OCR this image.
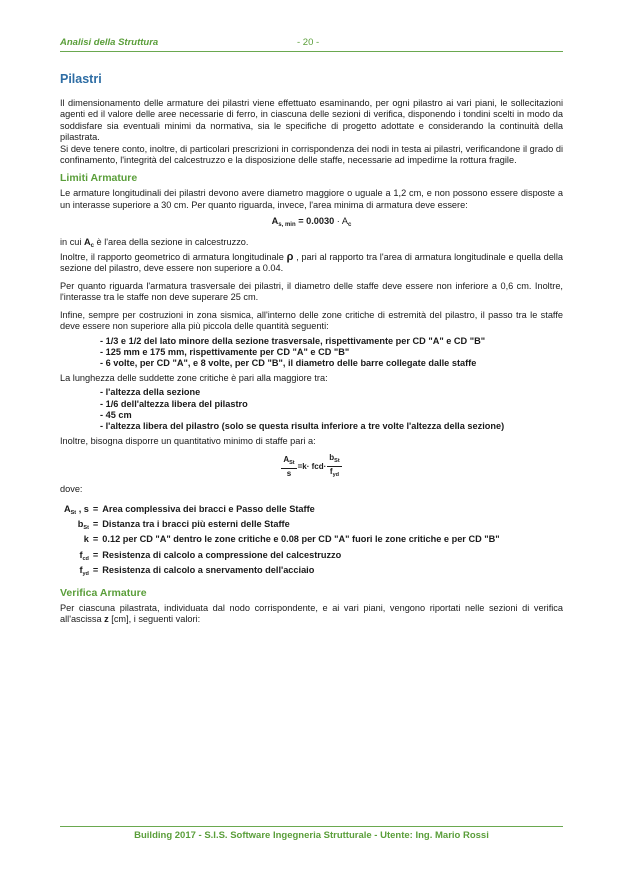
Analisi della Struttura	- 20 -
Pilastri

Il dimensionamento delle armature dei pilastri viene effettuato esaminando, per ogni pilastro ai vari piani, le sollecitazioni agenti ed il valore delle aree necessarie di ferro, in ciascuna delle sezioni di verifica, disponendo i tondini scelti in modo da soddisfare sia eventuali minimi da normativa, sia le specifiche di progetto adottate e considerando la continuità della pilastrata.

Si deve tenere conto, inoltre, di particolari prescrizioni in corrispondenza dei nodi in testa ai pilastri, verificandone il grado di confinamento, l'integrità del calcestruzzo e la disposizione delle staffe, necessarie ad impedirne la rottura fragile.

Limiti Armature

Le armature longitudinali dei pilastri devono avere diametro maggiore o uguale a 1,2 cm, e non possono essere disposte a un interasse superiore a 30 cm. Per quanto riguarda, invece, l'area minima di armatura deve essere:

$A_{s, min} = 0.0030 \cdot A_c$

in cui $A_c$ è l'area della sezione in calcestruzzo.

Inoltre, il rapporto geometrico di armatura longitudinale ρ , pari al rapporto tra l'area di armatura longitudinale e quella della sezione del pilastro, deve essere non superiore a 0.04.

Per quanto riguarda l'armatura trasversale dei pilastri, il diametro delle staffe deve essere non inferiore a 0,6 cm. Inoltre, l'interasse tra le staffe non deve superare 25 cm.

Infine, sempre per costruzioni in zona sismica, all'interno delle zone critiche di estremità del pilastro, il passo tra le staffe deve essere non superiore alla più piccola delle quantità seguenti:

- 1/3 e 1/2 del lato minore della sezione trasversale, rispettivamente per CD "A" e CD "B"
- 125 mm e 175 mm, rispettivamente per CD "A" e CD "B"
- 6 volte, per CD "A", e 8 volte, per CD "B", il diametro delle barre collegate dalle staffe

La lunghezza delle suddette zone critiche è pari alla maggiore tra:

- l'altezza della sezione
- 1/6 dell'altezza libera del pilastro
- 45 cm
- l'altezza libera del pilastro (solo se questa risulta inferiore a tre volte l'altezza della sezione)

Inoltre, bisogna disporre un quantitativo minimo di staffe pari a:

$\frac{A_{St}}{s} =k\cdot fcd\cdot \frac{b_{St}}{f_{yd}}$

dove:

$A_{St}$ , s	=	Area complessiva dei bracci e Passo delle Staffe
$b_{St}$	=	Distanza tra i bracci più esterni delle Staffe
k	=	0.12 per CD "A" dentro le zone critiche e 0.08 per CD "A" fuori le zone critiche e per CD "B"
$f_{cd}$	=	Resistenza di calcolo a compressione del calcestruzzo
$f_{yd}$	=	Resistenza di calcolo a snervamento dell'acciaio
Verifica Armature

Per ciascuna pilastrata, individuata dal nodo corrispondente, e ai vari piani, vengono riportati nelle sezioni di verifica all'ascissa z [cm], i seguenti valori:

Building 2017 - S.I.S. Software Ingegneria Strutturale - Utente: Ing. Mario Rossi
